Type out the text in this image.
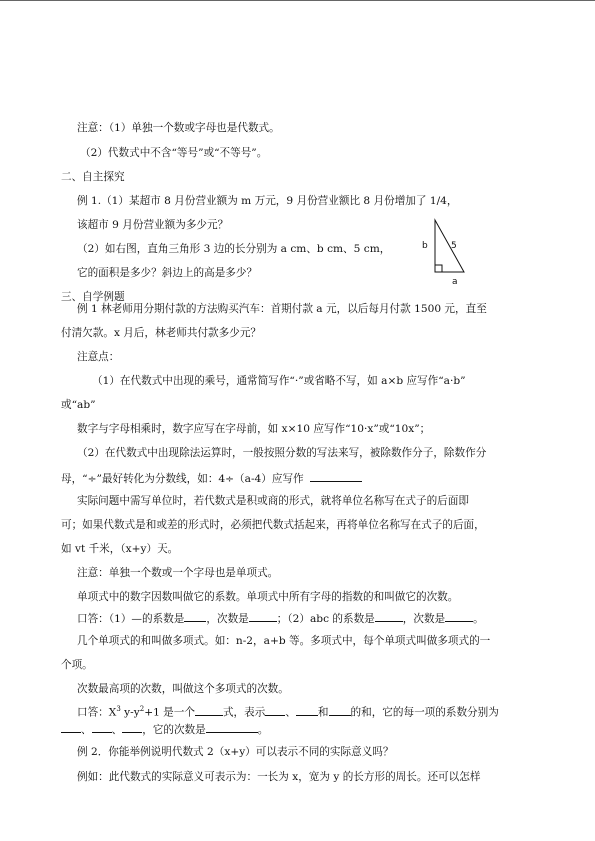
注意：（1）单独一个数或字母也是代数式。
（2）代数式中不含“等号”或“不等号”。
二、自主探究
例 1.（1）某超市 8 月份营业额为 m 万元，9 月份营业额比 8 月份增加了 1/4，
该超市 9 月份营业额为多少元？
（2）如右图，直角三角形 3 边的长分别为 a cm、b cm、5 cm，
它的面积是多少？斜边上的高是多少？
b	5
a
三、自学例题
例 1 林老师用分期付款的方法购买汽车：首期付款 a 元，以后每月付款 1500 元，直至
付清欠款。x 月后，林老师共付款多少元？
注意点：
（1）在代数式中出现的乘号，通常简写作“·”或省略不写，如 a×b 应写作“a·b”
或“ab”
数字与字母相乘时，数字应写在字母前，如 x×10 应写作“10·x”或“10x”；
（2）在代数式中出现除法运算时，一般按照分数的写法来写，被除数作分子，除数作分
母，“÷”最好转化为分数线，如：4÷（a-4）应写作
实际问题中需写单位时，若代数式是积或商的形式，就将单位名称写在式子的后面即
可；如果代数式是和或差的形式时，必须把代数式括起来，再将单位名称写在式子的后面，
如 vt 千米，（x+y）天。
注意：单独一个数或一个字母也是单项式。
单项式中的数字因数叫做它的系数。单项式中所有字母的指数的和叫做它的次数。
口答：（1）—的系数是 ，次数是	；（2）abc 的系数是	，次数是	。
几个单项式的和叫做多项式。如：n-2，a+b 等。多项式中，每个单项式叫做多项式的一
个项。
次数最高项的次数，叫做这个多项式的次数。
口答：$X^3$ $y-y^2+1$ 是一个	式，表示 、 和 的和，它的每一项的系数分别为
、 、 ，它的次数是	。
例 2．你能举例说明代数式 2（x+y）可以表示不同的实际意义吗？
例如：此代数式的实际意义可表示为：一长为 x，宽为 y 的长方形的周长。还可以怎样
